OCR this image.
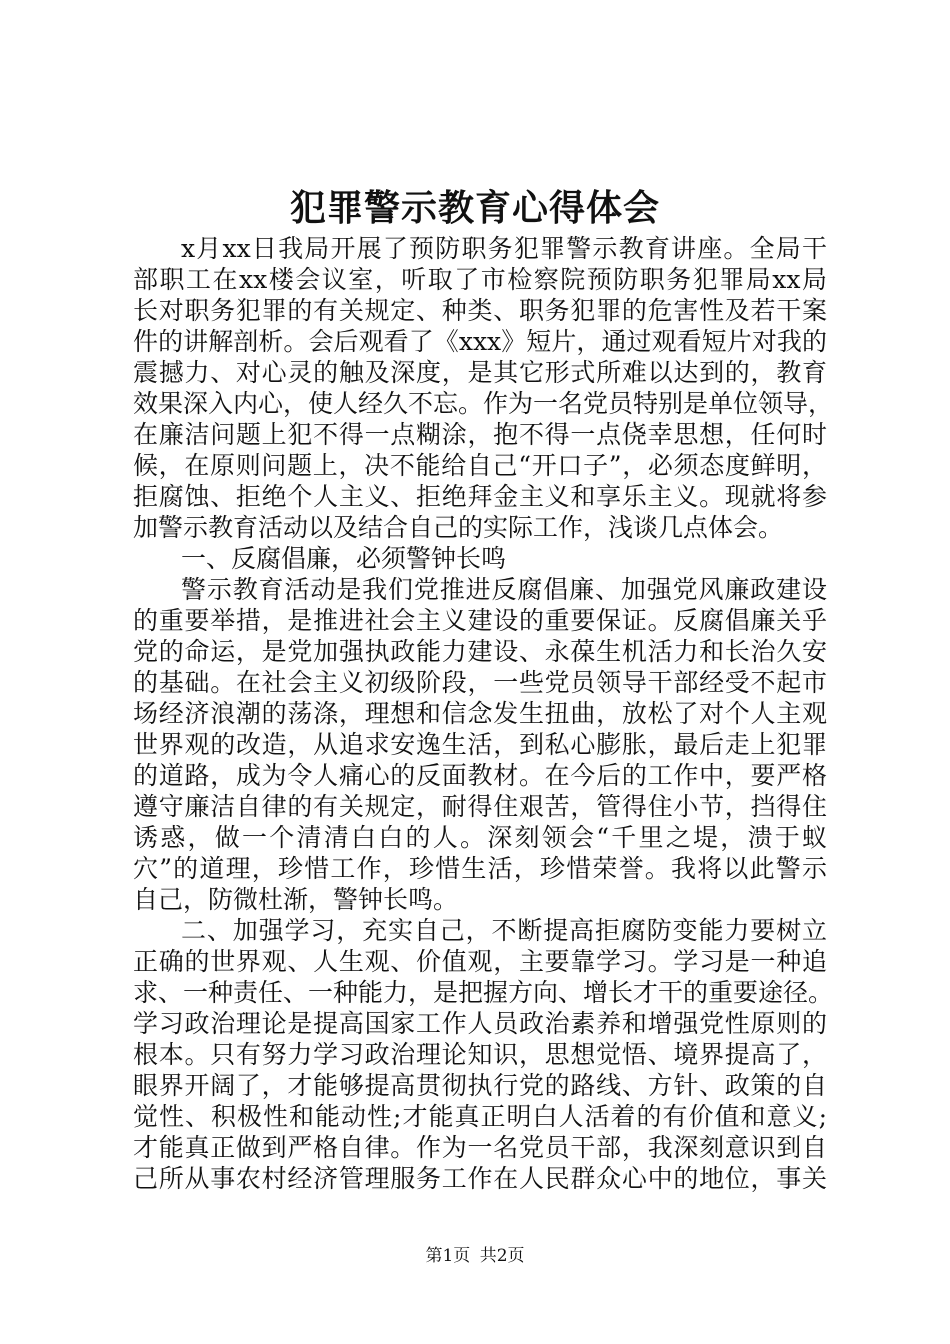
犯罪警示教育心得体会
x月xx日我局开展了预防职务犯罪警示教育讲座。全局干
部职工在xx楼会议室，听取了市检察院预防职务犯罪局xx局
长对职务犯罪的有关规定、种类、职务犯罪的危害性及若干案
件的讲解剖析。会后观看了《xxx》短片，通过观看短片对我的
震撼力、对心灵的触及深度，是其它形式所难以达到的，教育
效果深入内心，使人经久不忘。作为一名党员特别是单位领导，
在廉洁问题上犯不得一点糊涂，抱不得一点侥幸思想，任何时
候，在原则问题上，决不能给自己“开口子”，必须态度鲜明，
拒腐蚀、拒绝个人主义、拒绝拜金主义和享乐主义。现就将参
加警示教育活动以及结合自己的实际工作，浅谈几点体会。
一、反腐倡廉，必须警钟长鸣
警示教育活动是我们党推进反腐倡廉、加强党风廉政建设
的重要举措，是推进社会主义建设的重要保证。反腐倡廉关乎
党的命运，是党加强执政能力建设、永葆生机活力和长治久安
的基础。在社会主义初级阶段，一些党员领导干部经受不起市
场经济浪潮的荡涤，理想和信念发生扭曲，放松了对个人主观
世界观的改造，从追求安逸生活，到私心膨胀，最后走上犯罪
的道路，成为令人痛心的反面教材。在今后的工作中，要严格
遵守廉洁自律的有关规定，耐得住艰苦，管得住小节，挡得住
诱惑，做一个清清白白的人。深刻领会“千里之堤，溃于蚁
穴”的道理，珍惜工作，珍惜生活，珍惜荣誉。我将以此警示
自己，防微杜渐，警钟长鸣。
二、加强学习，充实自己，不断提高拒腐防变能力要树立
正确的世界观、人生观、价值观，主要靠学习。学习是一种追
求、一种责任、一种能力，是把握方向、增长才干的重要途径。
学习政治理论是提高国家工作人员政治素养和增强党性原则的
根本。只有努力学习政治理论知识，思想觉悟、境界提高了，
眼界开阔了，才能够提高贯彻执行党的路线、方针、政策的自
觉性、积极性和能动性;才能真正明白人活着的有价值和意义;
才能真正做到严格自律。作为一名党员干部，我深刻意识到自
己所从事农村经济管理服务工作在人民群众心中的地位，事关
第1页 共2页
